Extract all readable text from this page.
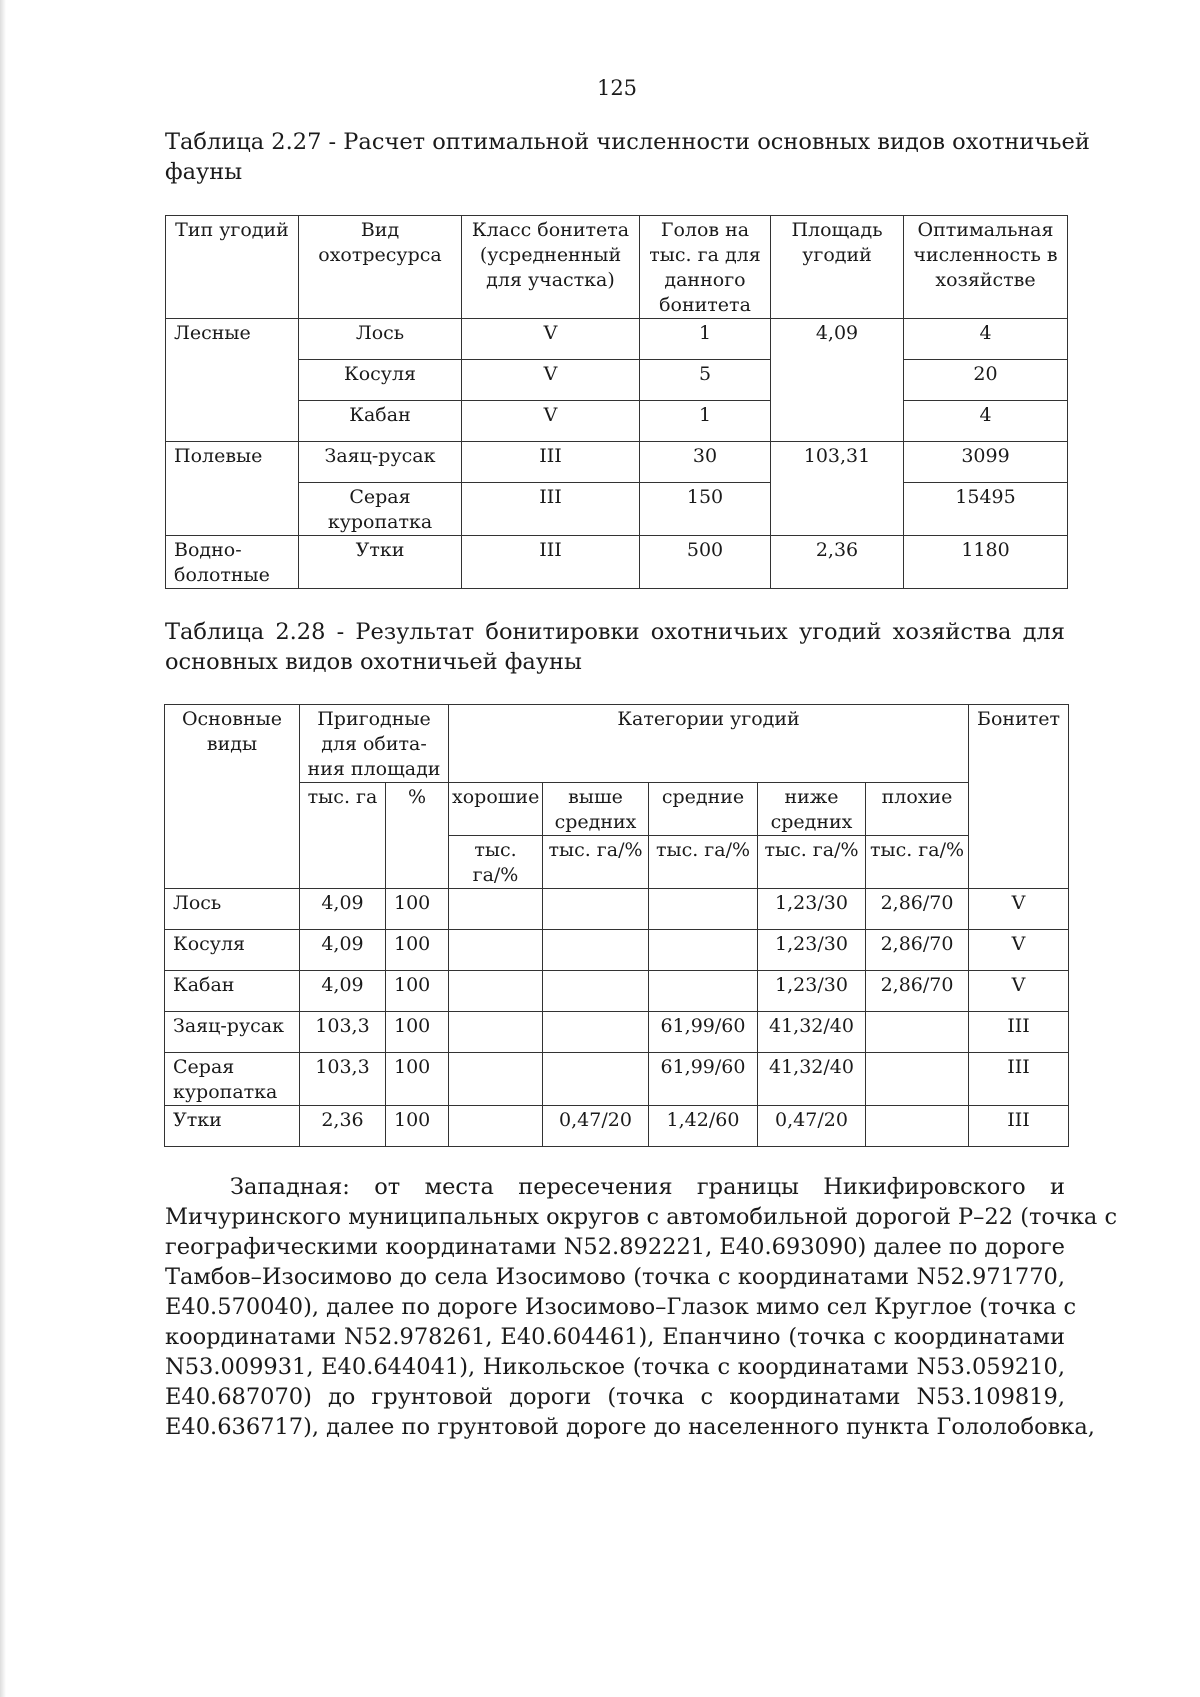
125
Таблица 2.27 - Расчет оптимальной численности основных видов охотничьей
фауны
Тип угодий	Вид охотресурса	Класс бонитета (усредненный для участка)	Голов на тыс. га для данного бонитета	Площадь угодий	Оптимальная численность в хозяйстве
Лесные	Лось	V	1	4,09	4
	Косуля	V	5		20
	Кабан	V	1		4
Полевые	Заяц-русак	III	30	103,31	3099
	Серая куропатка	III	150		15495
Водно-болотные	Утки	III	500	2,36	1180
Таблица 2.28 - Результат бонитировки охотничьих угодий хозяйства для
основных видов охотничьей фауны
Основные виды	Пригодные для обита-ния площади		Категории угодий					Бонитет
	тыс. га	%	хорошие	выше средних	средние	ниже средних	плохие	
			тыс. га/%	тыс. га/%	тыс. га/%	тыс. га/%	тыс. га/%	
Лось	4,09	100				1,23/30	2,86/70	V
Косуля	4,09	100				1,23/30	2,86/70	V
Кабан	4,09	100				1,23/30	2,86/70	V
Заяц-русак	103,3	100			61,99/60	41,32/40		III
Серая куропатка	103,3	100			61,99/60	41,32/40		III
Утки	2,36	100		0,47/20	1,42/60	0,47/20		III
Западная: от места пересечения границы Никифировского и
Мичуринского муниципальных округов с автомобильной дорогой Р–22 (точка с
географическими координатами N52.892221, E40.693090) далее по дороге
Тамбов–Изосимово до села Изосимово (точка с координатами N52.971770,
E40.570040), далее по дороге Изосимово–Глазок мимо сел Круглое (точка с
координатами N52.978261, E40.604461), Епанчино (точка с координатами
N53.009931, E40.644041), Никольское (точка с координатами N53.059210,
E40.687070) до грунтовой дороги (точка с координатами N53.109819,
E40.636717), далее по грунтовой дороге до населенного пункта Гололобовка,
